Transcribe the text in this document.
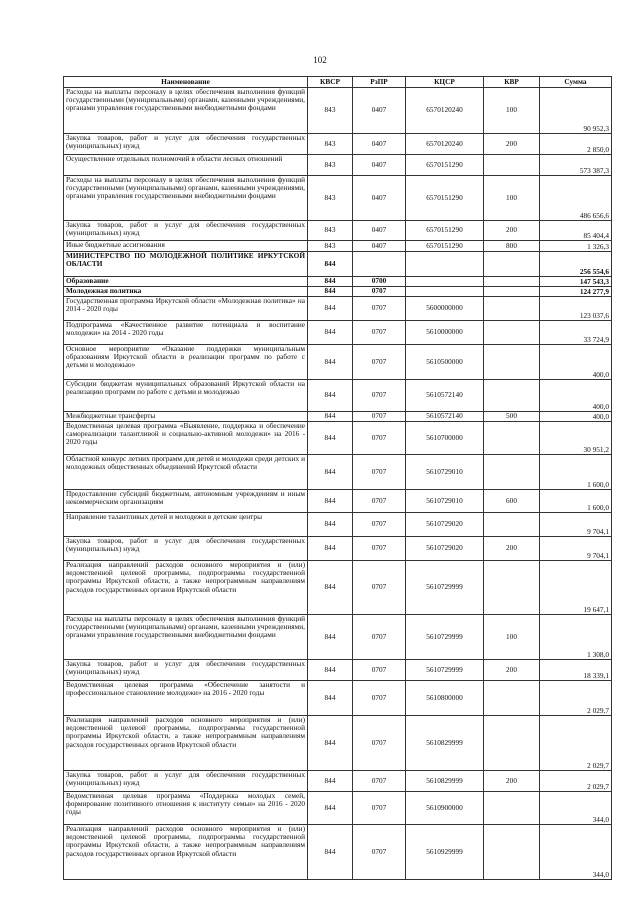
102
Наименование	КВСР	РзПР	КЦСР	КВР	Сумма
Расходы на выплаты персоналу в целях обеспечения выполнения функций государственными (муниципальными) органами, казенными учреждениями, органами управления государственными внебюджетными фондами	843	0407	6570120240	100	90 952,3
Закупка товаров, работ и услуг для обеспечения государственных (муниципальных) нужд	843	0407	6570120240	200	2 850,0
Осуществление отдельных полномочий в области лесных отношений	843	0407	6570151290		573 387,3
Расходы на выплаты персоналу в целях обеспечения выполнения функций государственными (муниципальными) органами, казенными учреждениями, органами управления государственными внебюджетными фондами	843	0407	6570151290	100	486 656,6
Закупка товаров, работ и услуг для обеспечения государственных (муниципальных) нужд	843	0407	6570151290	200	85 404,4
Иные бюджетные ассигнования	843	0407	6570151290	800	1 326,3
МИНИСТЕРСТВО ПО МОЛОДЕЖНОЙ ПОЛИТИКЕ ИРКУТСКОЙ ОБЛАСТИ	844				256 554,6
Образование	844	0700			147 543,3
Молодежная политика	844	0707			124 277,9
Государственная программа Иркутской области «Молодежная политика» на 2014 - 2020 годы	844	0707	5600000000		123 037,6
Подпрограмма «Качественное развитие потенциала и воспитание молодежи» на 2014 - 2020 годы	844	0707	5610000000		33 724,9
Основное мероприятие «Оказание поддержки муниципальным образованиям Иркутской области в реализации программ по работе с детьми и молодежью»	844	0707	5610500000		400,0
Субсидии бюджетам муниципальных образований Иркутской области на реализацию программ по работе с детьми и молодежью	844	0707	5610572140		400,0
Межбюджетные трансферты	844	0707	5610572140	500	400,0
Ведомственная целевая программа «Выявление, поддержка и обеспечение самореализации талантливой и социально-активной молодежи» на 2016 - 2020 годы	844	0707	5610700000		30 951,2
Областной конкурс летних программ для детей и молодежи среди детских и молодежных общественных объединений Иркутской области	844	0707	5610729010		1 600,0
Предоставление субсидий бюджетным, автономным учреждениям и иным некоммерческим организациям	844	0707	5610729010	600	1 600,0
Направление талантливых детей и молодежи в детские центры	844	0707	5610729020		9 704,1
Закупка товаров, работ и услуг для обеспечения государственных (муниципальных) нужд	844	0707	5610729020	200	9 704,1
Реализация направлений расходов основного мероприятия и (или) ведомственной целевой программы, подпрограммы государственной программы Иркутской области, а также непрограммным направлениям расходов государственных органов Иркутской области	844	0707	5610729999		19 647,1
Расходы на выплаты персоналу в целях обеспечения выполнения функций государственными (муниципальными) органами, казенными учреждениями, органами управления государственными внебюджетными фондами	844	0707	5610729999	100	1 308,0
Закупка товаров, работ и услуг для обеспечения государственных (муниципальных) нужд	844	0707	5610729999	200	18 339,1
Ведомственная целевая программа «Обеспечение занятости и профессиональное становление молодежи» на 2016 - 2020 годы	844	0707	5610800000		2 029,7
Реализация направлений расходов основного мероприятия и (или) ведомственной целевой программы, подпрограммы государственной программы Иркутской области, а также непрограммным направлениям расходов государственных органов Иркутской области	844	0707	5610829999		2 029,7
Закупка товаров, работ и услуг для обеспечения государственных (муниципальных) нужд	844	0707	5610829999	200	2 029,7
Ведомственная целевая программа «Поддержка молодых семей, формирование позитивного отношения к институту семьи» на 2016 - 2020 годы	844	0707	5610900000		344,0
Реализация направлений расходов основного мероприятия и (или) ведомственной целевой программы, подпрограммы государственной программы Иркутской области, а также непрограммным направлениям расходов государственных органов Иркутской области	844	0707	5610929999		344,0
